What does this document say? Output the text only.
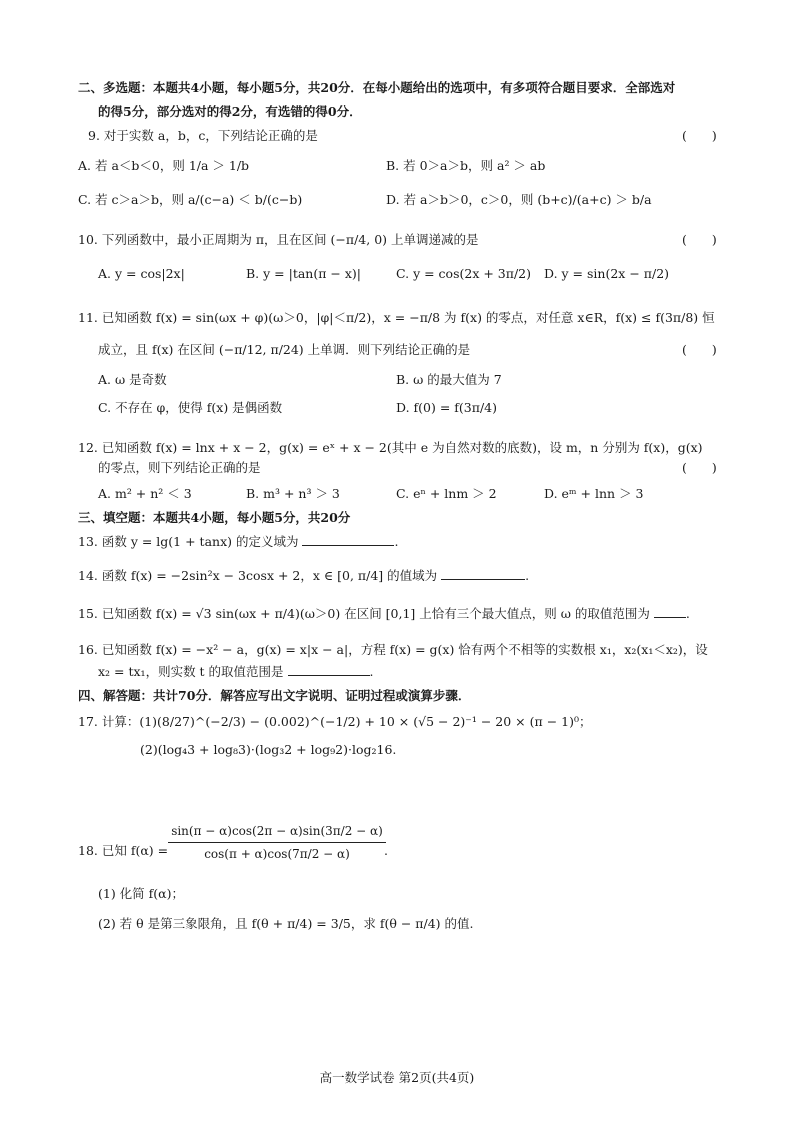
二、多选题：本题共4小题，每小题5分，共20分．在每小题给出的选项中，有多项符合题目要求．全部选对
的得5分，部分选对的得2分，有选错的得0分．
9. 对于实数 a，b，c，下列结论正确的是	(　　)
A. 若 a＜b＜0，则 1/a ＞ 1/b	B. 若 0＞a＞b，则 a² ＞ ab
C. 若 c＞a＞b，则 a/(c−a) ＜ b/(c−b)	D. 若 a＞b＞0，c＞0，则 (b+c)/(a+c) ＞ b/a
10. 下列函数中，最小正周期为 π，且在区间 (−π/4, 0) 上单调递减的是	(　　)
A. y = cos|2x|	B. y = |tan(π − x)|	C. y = cos(2x + 3π/2) D. y = sin(2x − π/2)
11. 已知函数 f(x) = sin(ωx + φ)(ω＞0，|φ|＜π/2)，x = −π/8 为 f(x) 的零点，对任意 x∈R，f(x) ≤ f(3π/8) 恒
成立，且 f(x) 在区间 (−π/12, π/24) 上单调．则下列结论正确的是	(　　)
A. ω 是奇数	B. ω 的最大值为 7
C. 不存在 φ，使得 f(x) 是偶函数	D. f(0) = f(3π/4)
12. 已知函数 f(x) = lnx + x − 2，g(x) = eˣ + x − 2(其中 e 为自然对数的底数)，设 m，n 分别为 f(x)，g(x)
的零点，则下列结论正确的是	(　　)
A. m² + n² ＜ 3	B. m³ + n³ ＞ 3	C. eⁿ + lnm ＞ 2	D. eᵐ + lnn ＞ 3
三、填空题：本题共4小题，每小题5分，共20分
13. 函数 y = lg(1 + tanx) 的定义域为	.
14. 函数 f(x) = −2sin²x − 3cosx + 2，x ∈ [0, π/4] 的值域为	.
15. 已知函数 f(x) = √3 sin(ωx + π/4)(ω＞0) 在区间 [0,1] 上恰有三个最大值点，则 ω 的取值范围为	.
16. 已知函数 f(x) = −x² − a，g(x) = x|x − a|，方程 f(x) = g(x) 恰有两个不相等的实数根 x₁，x₂(x₁＜x₂)，设
x₂ = tx₁，则实数 t 的取值范围是	.
四、解答题：共计70分．解答应写出文字说明、证明过程或演算步骤．
17. 计算：(1)(8/27)^(−2/3) − (0.002)^(−1/2) + 10 × (√5 − 2)⁻¹ − 20 × (π − 1)⁰；
(2)(log₄3 + log₈3)·(log₃2 + log₉2)·log₂16.
18. 已知 f(α) =
sin(π − α)cos(2π − α)sin(3π/2 − α)
cos(π + α)cos(7π/2 − α)	.
(1) 化简 f(α)；
(2) 若 θ 是第三象限角，且 f(θ + π/4) = 3/5，求 f(θ − π/4) 的值.
高一数学试卷 第2页(共4页)
